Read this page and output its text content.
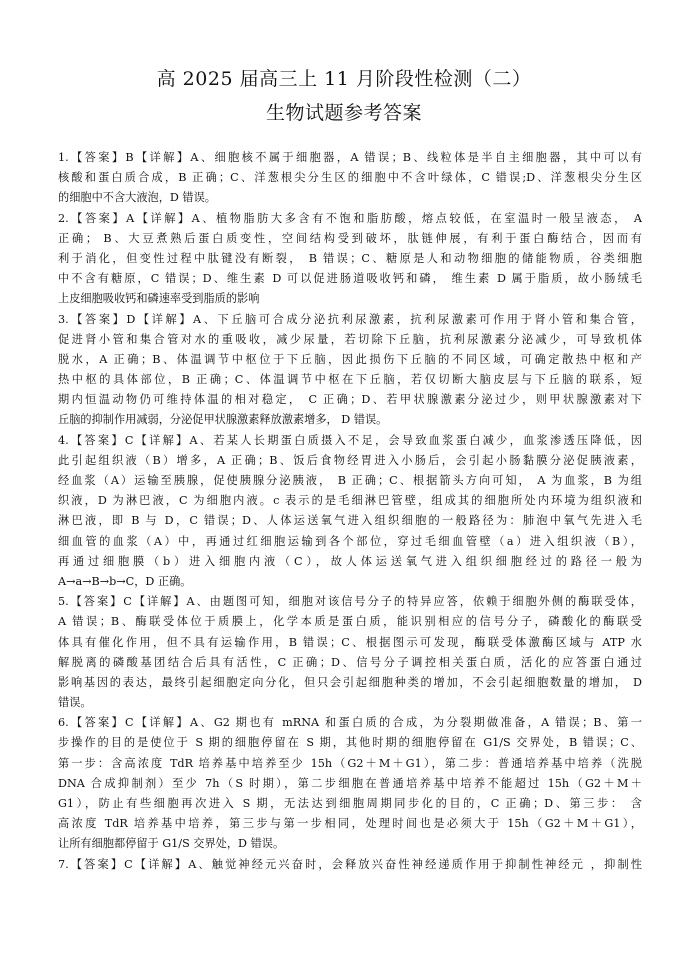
高 2025 届高三上 11 月阶段性检测（二）
生物试题参考答案
1.【答案】B【详解】A、细胞核不属于细胞器，A 错误；B、线粒体是半自主细胞器，其中可以有
核酸和蛋白质合成，B 正确；C、洋葱根尖分生区的细胞中不含叶绿体，C 错误;D、洋葱根尖分生区
的细胞中不含大液泡，D 错误。
2.【答案】A【详解】A、植物脂肪大多含有不饱和脂肪酸，熔点较低，在室温时一般呈液态， A
正确； B、大豆煮熟后蛋白质变性，空间结构受到破坏，肽链伸展，有利于蛋白酶结合，因而有
利于消化，但变性过程中肽键没有断裂， B 错误；C、糖原是人和动物细胞的储能物质，谷类细胞
中不含有糖原，C 错误；D、维生素 D 可以促进肠道吸收钙和磷， 维生素 D 属于脂质，故小肠绒毛
上皮细胞吸收钙和磷速率受到脂质的影响
3.【答案】D【详解】A、下丘脑可合成分泌抗利尿激素，抗利尿激素可作用于肾小管和集合管，
促进肾小管和集合管对水的重吸收，减少尿量，若切除下丘脑，抗利尿激素分泌减少，可导致机体
脱水，A 正确；B、体温调节中枢位于下丘脑，因此损伤下丘脑的不同区域，可确定散热中枢和产
热中枢的具体部位，B 正确；C、体温调节中枢在下丘脑，若仅切断大脑皮层与下丘脑的联系，短
期内恒温动物仍可维持体温的相对稳定， C 正确；D、若甲状腺激素分泌过少，则甲状腺激素对下
丘脑的抑制作用减弱，分泌促甲状腺激素释放激素增多， D 错误。
4.【答案】C【详解】A、若某人长期蛋白质摄入不足，会导致血浆蛋白减少，血浆渗透压降低，因
此引起组织液（B）增多，A 正确；B、饭后食物经胃进入小肠后，会引起小肠黏膜分泌促胰液素，
经血浆（A）运输至胰腺，促使胰腺分泌胰液， B 正确；C、根据箭头方向可知， A 为血浆，B 为组
织液，D 为淋巴液，C 为细胞内液。c 表示的是毛细淋巴管壁，组成其的细胞所处内环境为组织液和
淋巴液，即 B 与 D，C 错误；D、人体运送氧气进入组织细胞的一般路径为：肺泡中氧气先进入毛
细血管的血浆（A）中，再通过红细胞运输到各个部位，穿过毛细血管壁（a）进入组织液（B），
再通过细胞膜（b）进入细胞内液（C），故人体运送氧气进入组织细胞经过的路径一般为
A→a→B→b→C，D 正确。
5.【答案】C【详解】A、由题图可知，细胞对该信号分子的特异应答，依赖于细胞外侧的酶联受体，
A 错误；B、酶联受体位于质膜上，化学本质是蛋白质，能识别相应的信号分子，磷酸化的酶联受
体具有催化作用，但不具有运输作用，B 错误；C、根据图示可发现，酶联受体激酶区域与 ATP 水
解脱离的磷酸基团结合后具有活性，C 正确；D、信号分子调控相关蛋白质，活化的应答蛋白通过
影响基因的表达，最终引起细胞定向分化，但只会引起细胞种类的增加，不会引起细胞数量的增加， D
错误。
6.【答案】C【详解】A、G2 期也有 mRNA 和蛋白质的合成，为分裂期做准备，A 错误；B、第一
步操作的目的是使位于 S 期的细胞停留在 S 期，其他时期的细胞停留在 G1/S 交界处，B 错误；C、
第一步：含高浓度 TdR 培养基中培养至少 15h（G2＋M＋G1），第二步：普通培养基中培养（洗脱
DNA 合成抑制剂）至少 7h（S 时期），第二步细胞在普通培养基中培养不能超过 15h（G2＋M＋
G1），防止有些细胞再次进入 S 期，无法达到细胞周期同步化的目的，C 正确；D、第三步： 含
高浓度 TdR 培养基中培养，第三步与第一步相同，处理时间也是必须大于 15h（G2＋M＋G1），
让所有细胞都停留于 G1/S 交界处，D 错误。
7.【答案】C【详解】A、触觉神经元兴奋时，会释放兴奋性神经递质作用于抑制性神经元 ，抑制性
